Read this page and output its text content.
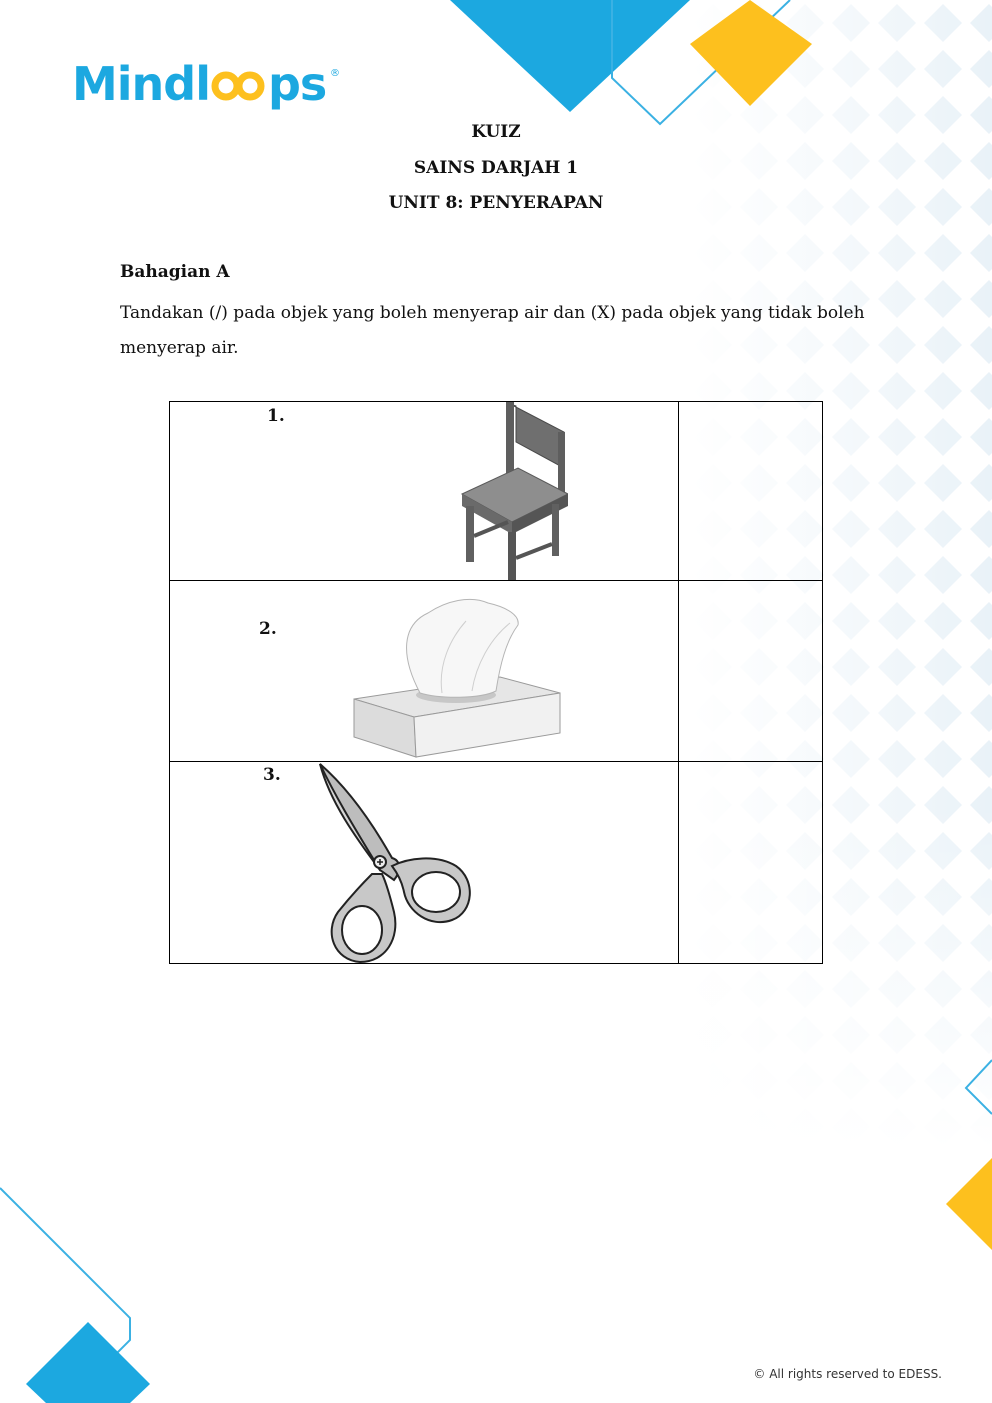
Mindl ps ®
KUIZ
SAINS DARJAH 1
UNIT 8: PENYERAPAN
Bahagian A
Tandakan (/) pada objek yang boleh menyerap air dan (X) pada objek yang tidak boleh menyerap air.
1.	

2.	

3.	

© All rights reserved to EDESS.
